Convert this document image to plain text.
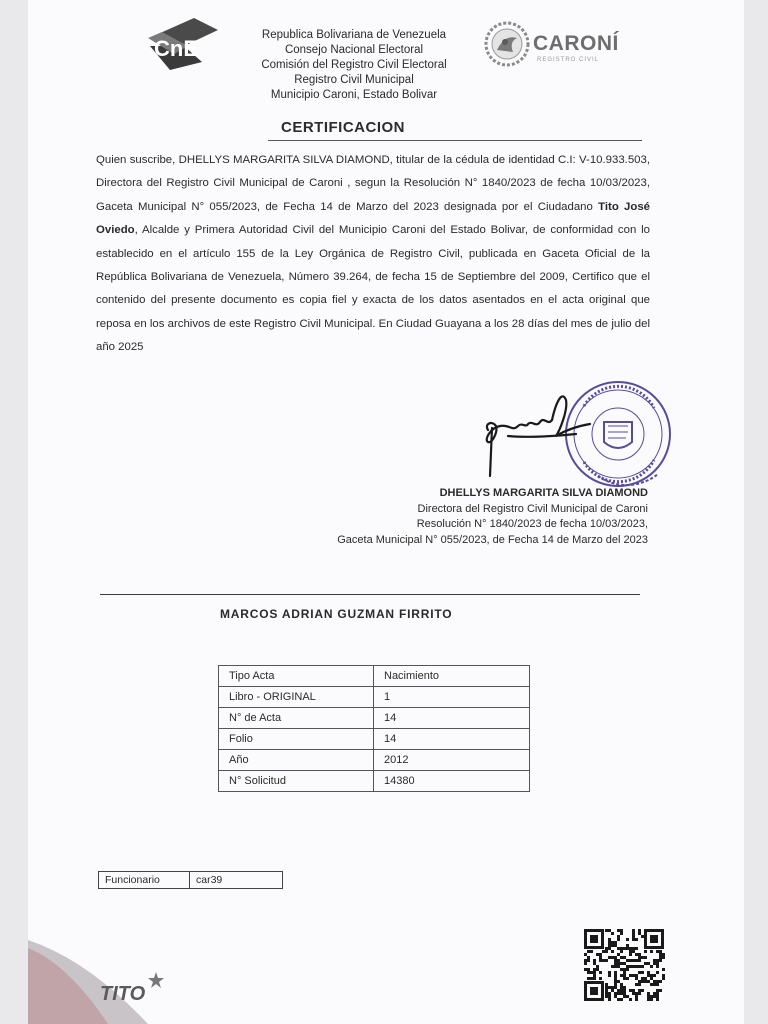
CnE
Republica Bolivariana de Venezuela
Consejo Nacional Electoral
Comisión del Registro Civil Electoral
Registro Civil Municipal
Municipio Caroni, Estado Bolivar
CARONÍ
REGISTRO CIVIL
CERTIFICACION
Quien suscribe, DHELLYS MARGARITA SILVA DIAMOND, titular de la cédula de identidad C.I: V-10.933.503, Directora del Registro Civil Municipal de Caroni , segun la Resolución N° 1840/2023 de fecha 10/03/2023, Gaceta Municipal N° 055/2023, de Fecha 14 de Marzo del 2023 designada por el Ciudadano Tito José Oviedo, Alcalde y Primera Autoridad Civil del Municipio Caroni del Estado Bolivar, de conformidad con lo establecido en el artículo 155 de la Ley Orgánica de Registro Civil, publicada en Gaceta Oficial de la República Bolivariana de Venezuela, Número 39.264, de fecha 15 de Septiembre del 2009, Certifico que el contenido del presente documento es copia fiel y exacta de los datos asentados en el acta original que reposa en los archivos de este Registro Civil Municipal. En Ciudad Guayana a los 28 días del mes de julio del año 2025
DHELLYS MARGARITA SILVA DIAMOND
Directora del Registro Civil Municipal de Caroni
Resolución N° 1840/2023 de fecha 10/03/2023,
Gaceta Municipal N° 055/2023, de Fecha 14 de Marzo del 2023
MARCOS ADRIAN GUZMAN FIRRITO
Tipo Acta	Nacimiento
Libro - ORIGINAL	1
N° de Acta	14
Folio	14
Año	2012
N° Solicitud	14380
Funcionario	car39
TITO
